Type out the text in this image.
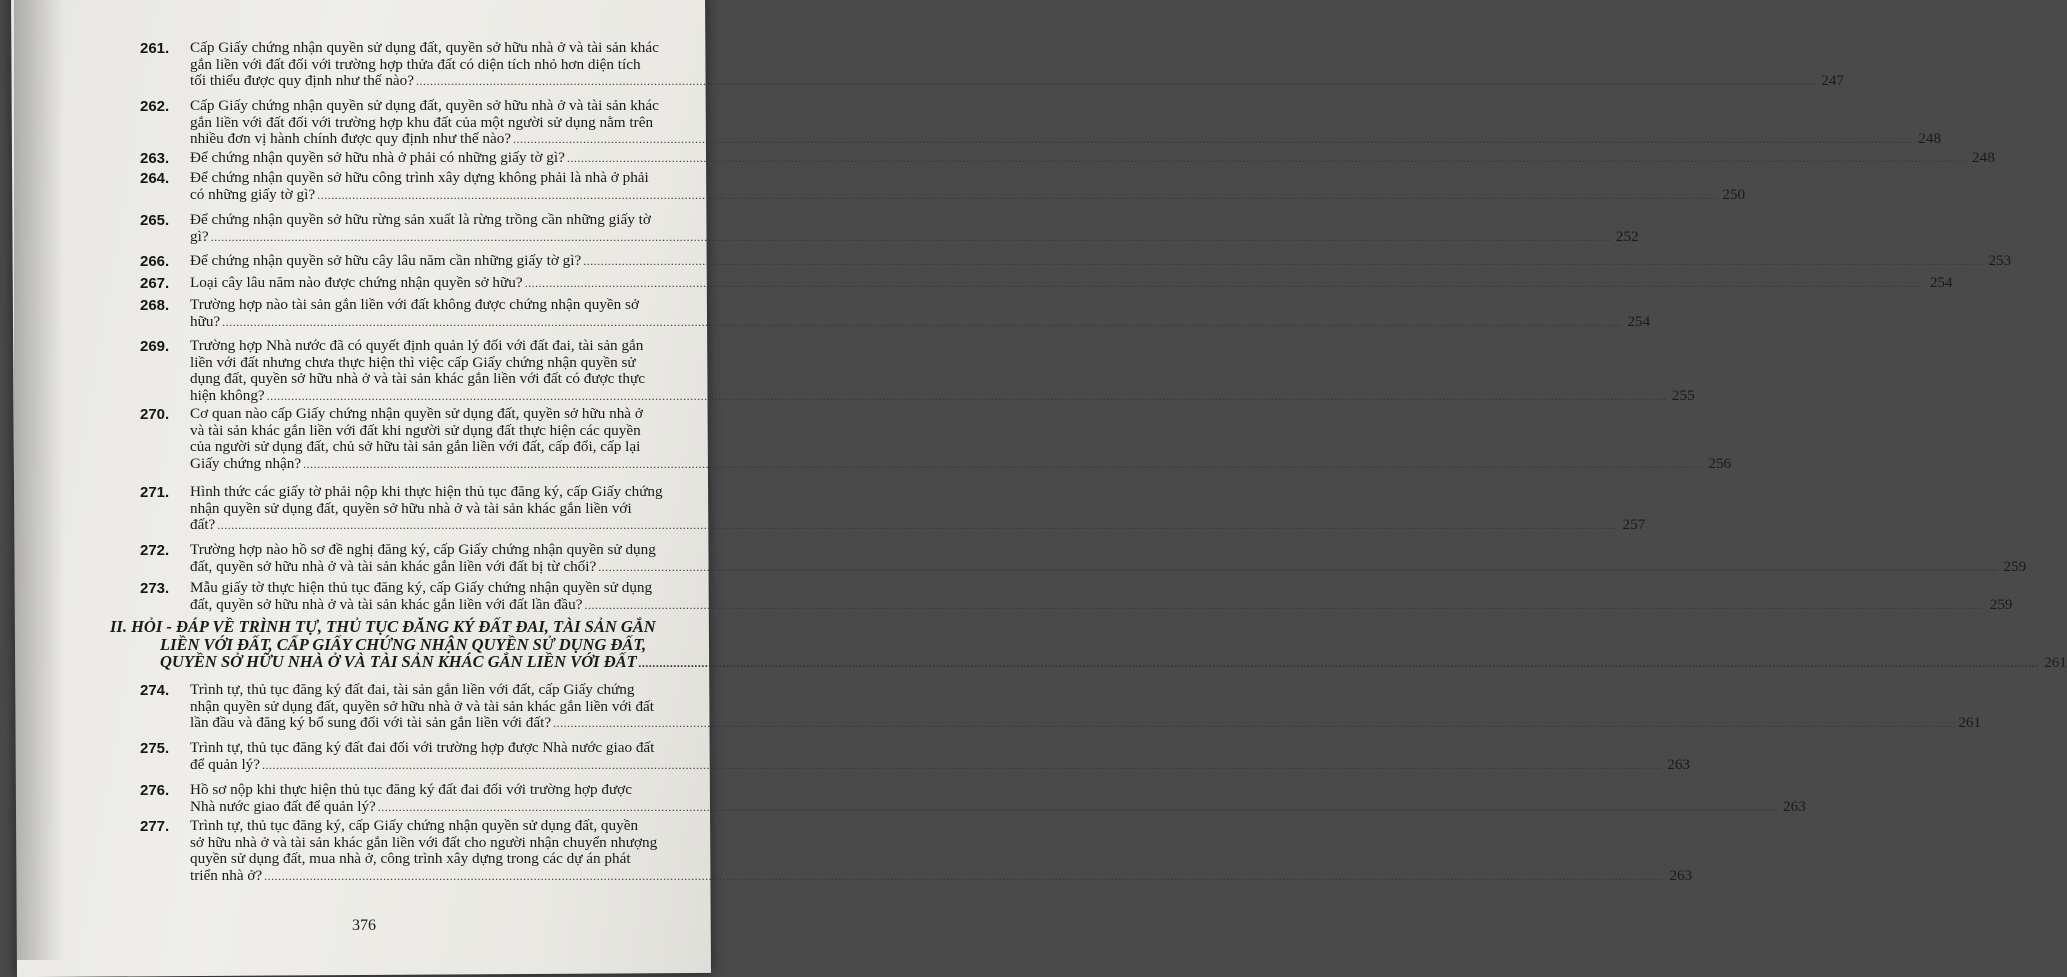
261.	Cấp Giấy chứng nhận quyền sử dụng đất, quyền sở hữu nhà ở và tài sản khác
gắn liền với đất đối với trường hợp thửa đất có diện tích nhỏ hơn diện tích
tối thiểu được quy định như thế nào? ................................................................................................................................................................................................................................................................................................................................................................................................................ 247
262.	Cấp Giấy chứng nhận quyền sử dụng đất, quyền sở hữu nhà ở và tài sản khác
gắn liền với đất đối với trường hợp khu đất của một người sử dụng nằm trên
nhiều đơn vị hành chính được quy định như thế nào? ................................................................................................................................................................................................................................................................................................................................................................................................................ 248
263.	Để chứng nhận quyền sở hữu nhà ở phải có những giấy tờ gì? ................................................................................................................................................................................................................................................................................................................................................................................................................ 248
264.	Để chứng nhận quyền sở hữu công trình xây dựng không phải là nhà ở phải
có những giấy tờ gì? ................................................................................................................................................................................................................................................................................................................................................................................................................ 250
265.	Để chứng nhận quyền sở hữu rừng sản xuất là rừng trồng cần những giấy tờ
gì? ................................................................................................................................................................................................................................................................................................................................................................................................................ 252
266.	Để chứng nhận quyền sở hữu cây lâu năm cần những giấy tờ gì? ................................................................................................................................................................................................................................................................................................................................................................................................................ 253
267.	Loại cây lâu năm nào được chứng nhận quyền sở hữu? ................................................................................................................................................................................................................................................................................................................................................................................................................ 254
268.	Trường hợp nào tài sản gắn liền với đất không được chứng nhận quyền sở
hữu? ................................................................................................................................................................................................................................................................................................................................................................................................................ 254
269.	Trường hợp Nhà nước đã có quyết định quản lý đối với đất đai, tài sản gắn
liền với đất nhưng chưa thực hiện thì việc cấp Giấy chứng nhận quyền sử
dụng đất, quyền sở hữu nhà ở và tài sản khác gắn liền với đất có được thực
hiện không? ................................................................................................................................................................................................................................................................................................................................................................................................................ 255
270.	Cơ quan nào cấp Giấy chứng nhận quyền sử dụng đất, quyền sở hữu nhà ở
và tài sản khác gắn liền với đất khi người sử dụng đất thực hiện các quyền
của người sử dụng đất, chủ sở hữu tài sản gắn liền với đất, cấp đổi, cấp lại
Giấy chứng nhận? ................................................................................................................................................................................................................................................................................................................................................................................................................ 256
271.	Hình thức các giấy tờ phải nộp khi thực hiện thủ tục đăng ký, cấp Giấy chứng
nhận quyền sử dụng đất, quyền sở hữu nhà ở và tài sản khác gắn liền với
đất? ................................................................................................................................................................................................................................................................................................................................................................................................................ 257
272.	Trường hợp nào hồ sơ đề nghị đăng ký, cấp Giấy chứng nhận quyền sử dụng
đất, quyền sở hữu nhà ở và tài sản khác gắn liền với đất bị từ chối? ................................................................................................................................................................................................................................................................................................................................................................................................................ 259
273.	Mẫu giấy tờ thực hiện thủ tục đăng ký, cấp Giấy chứng nhận quyền sử dụng
đất, quyền sở hữu nhà ở và tài sản khác gắn liền với đất lần đầu? ................................................................................................................................................................................................................................................................................................................................................................................................................ 259
II. HỎI - ĐÁP VỀ TRÌNH TỰ, THỦ TỤC ĐĂNG KÝ ĐẤT ĐAI, TÀI SẢN GẮN
LIỀN VỚI ĐẤT, CẤP GIẤY CHỨNG NHẬN QUYỀN SỬ DỤNG ĐẤT,
QUYỀN SỞ HỮU NHÀ Ở VÀ TÀI SẢN KHÁC GẮN LIỀN VỚI ĐẤT ................................................................................................................................................................................................................................................................................................................................................................................................................ 261
274.	Trình tự, thủ tục đăng ký đất đai, tài sản gắn liền với đất, cấp Giấy chứng
nhận quyền sử dụng đất, quyền sở hữu nhà ở và tài sản khác gắn liền với đất
lần đầu và đăng ký bổ sung đối với tài sản gắn liền với đất? ................................................................................................................................................................................................................................................................................................................................................................................................................ 261
275.	Trình tự, thủ tục đăng ký đất đai đối với trường hợp được Nhà nước giao đất
để quản lý? ................................................................................................................................................................................................................................................................................................................................................................................................................ 263
276.	Hồ sơ nộp khi thực hiện thủ tục đăng ký đất đai đối với trường hợp được
Nhà nước giao đất để quản lý? ................................................................................................................................................................................................................................................................................................................................................................................................................ 263
277.	Trình tự, thủ tục đăng ký, cấp Giấy chứng nhận quyền sử dụng đất, quyền
sở hữu nhà ở và tài sản khác gắn liền với đất cho người nhận chuyển nhượng
quyền sử dụng đất, mua nhà ở, công trình xây dựng trong các dự án phát
triển nhà ở? ................................................................................................................................................................................................................................................................................................................................................................................................................ 263
376
